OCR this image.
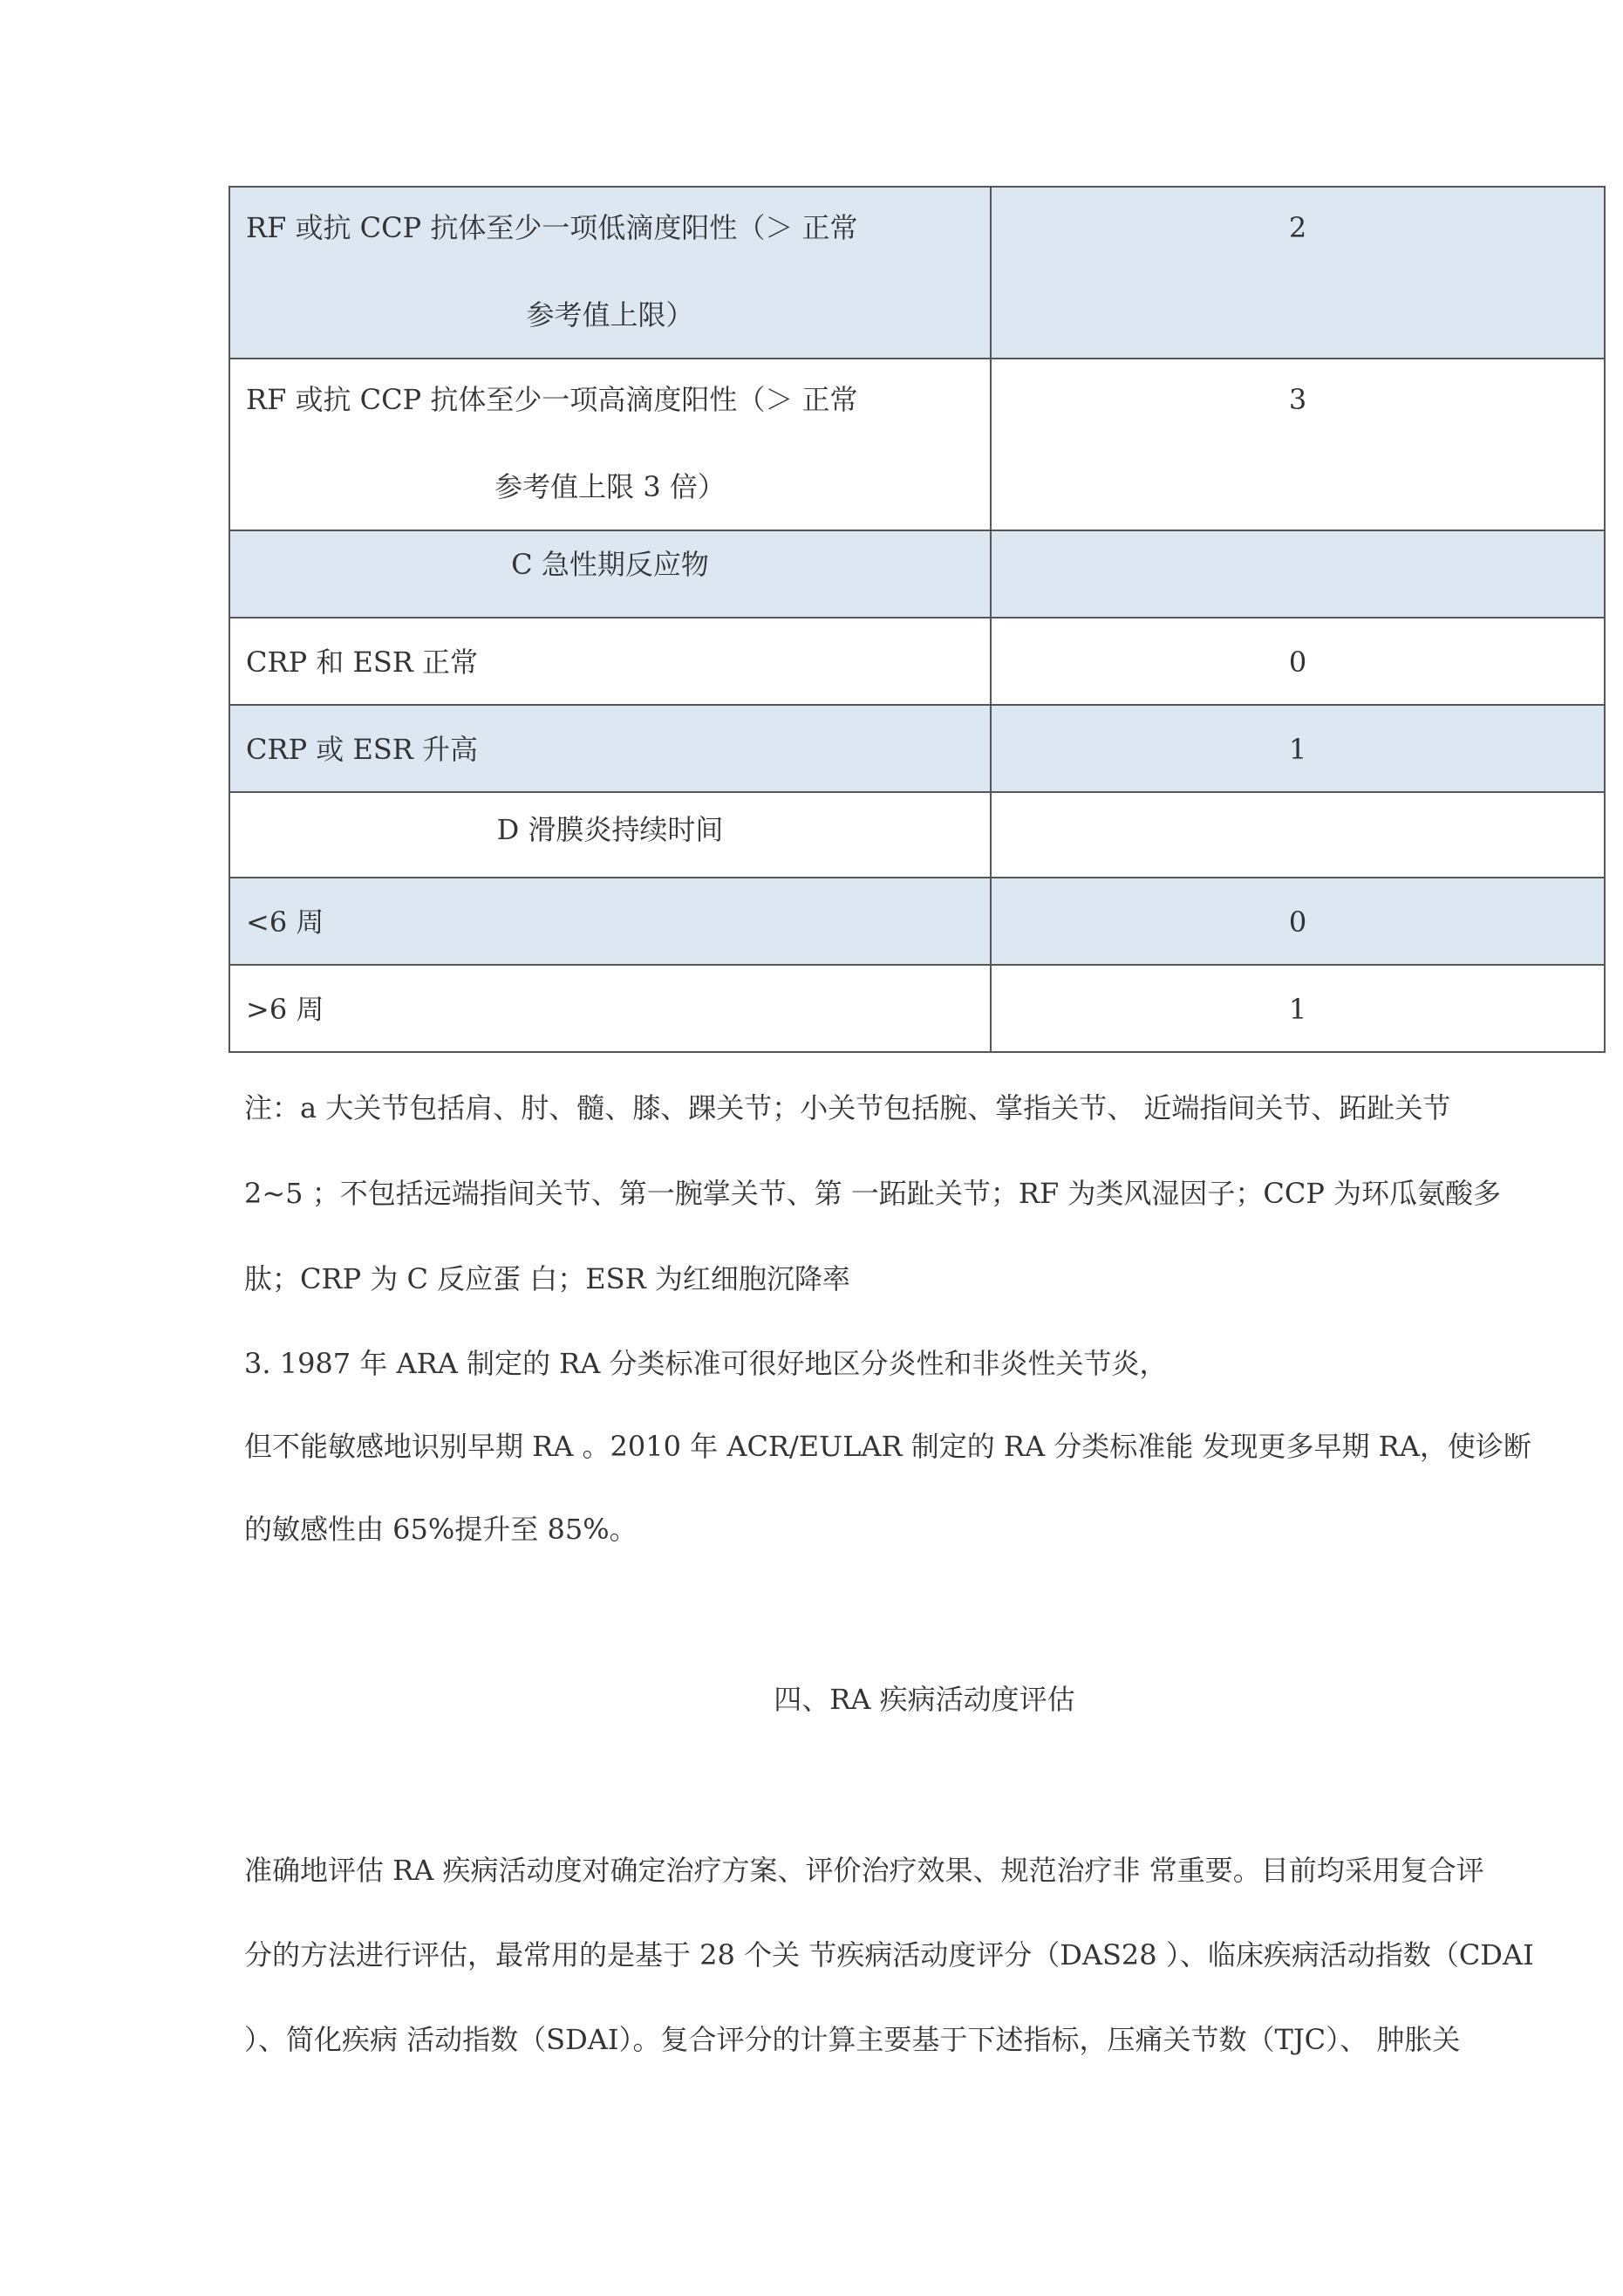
RF 或抗 CCP 抗体至少一项低滴度阳性（＞ 正常
参考值上限）	2

RF 或抗 CCP 抗体至少一项高滴度阳性（＞ 正常
参考值上限 3 倍）	3

C 急性期反应物	

CRP 和 ESR 正常	0

CRP 或 ESR 升高	1

D 滑膜炎持续时间	

<6 周	0

>6 周	1
注：a 大关节包括肩、肘、髓、膝、踝关节；小关节包括腕、掌指关节、 近端指间关节、跖趾关节
2~5 ；不包括远端指间关节、第一腕掌关节、第 一跖趾关节；RF 为类风湿因子；CCP 为环瓜氨酸多
肽；CRP 为 C 反应蛋 白；ESR 为红细胞沉降率
3. 1987 年 ARA 制定的 RA 分类标准可很好地区分炎性和非炎性关节炎，
但不能敏感地识别早期 RA 。2010 年 ACR/EULAR 制定的 RA 分类标准能 发现更多早期 RA，使诊断
的敏感性由 65%提升至 85%。
四、RA 疾病活动度评估
准确地评估 RA 疾病活动度对确定治疗方案、评价治疗效果、规范治疗非 常重要。目前均采用复合评
分的方法进行评估，最常用的是基于 28 个关 节疾病活动度评分（DAS28 ）、临床疾病活动指数（CDAI
）、简化疾病 活动指数（SDAI）。复合评分的计算主要基于下述指标，压痛关节数（TJC）、 肿胀关
